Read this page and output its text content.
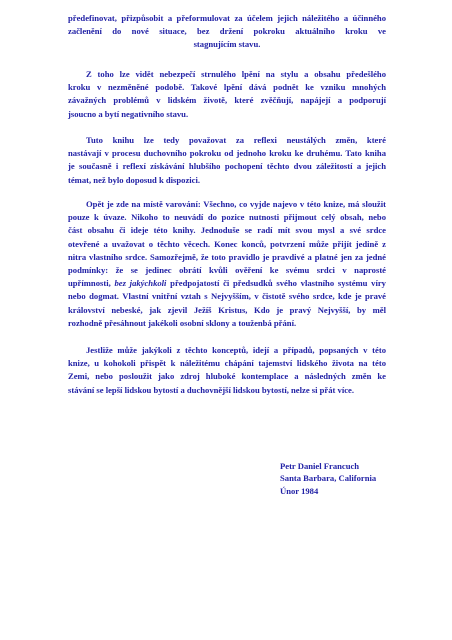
předefinovat, přizpůsobit a přeformulovat za účelem jejich náležitého a účinného
začlenění do nové situace, bez držení pokroku aktuálního kroku ve
stagnujícím stavu.
Z toho lze vidět nebezpečí strnulého lpění na stylu a obsahu předešlého
kroku v nezměněné podobě. Takové lpění dává podnět ke vzniku mnohých
závažných problémů v lidském životě, které zvěčňují, napájejí a podporují
jsoucno a bytí negativního stavu.
Tuto knihu lze tedy považovat za reflexi neustálých změn, které
nastávají v procesu duchovního pokroku od jednoho kroku ke druhému. Tato kniha
je současně i reflexí získávání hlubšího pochopení těchto dvou záležitostí a jejich
témat, než bylo doposud k dispozici.
Opět je zde na místě varování: Všechno, co vyjde najevo v této knize, má sloužit
pouze k úvaze. Nikoho to neuvádí do pozice nutnosti přijmout celý obsah, nebo
část obsahu či ideje této knihy. Jednoduše se radí mít svou mysl a své srdce
otevřené a uvažovat o těchto věcech. Konec konců, potvrzení může přijít jedině z
nitra vlastního srdce. Samozřejmě, že toto pravidlo je pravdivé a platné jen za jedné
podmínky: že se jedinec obrátí kvůli ověření ke svému srdci v naprosté
upřímnosti, bez jakýchkoli předpojatostí či předsudků svého vlastního systému víry
nebo dogmat. Vlastní vnitřní vztah s Nejvyšším, v čistotě svého srdce, kde je pravé
království nebeské, jak zjevil Ježíš Kristus, Kdo je pravý Nejvyšší, by měl
rozhodně přesáhnout jakékoli osobní sklony a touženbá přání.
Jestliže může jakýkoli z těchto konceptů, idejí a případů, popsaných v této
knize, u kohokoli přispět k náležitému chápání tajemství lidského života na této
Zemi, nebo posloužit jako zdroj hluboké kontemplace a následných změn ke
stávání se lepší lidskou bytostí a duchovnější lidskou bytostí, nelze si přát více.
Petr Daniel Francuch
Santa Barbara, California
Únor 1984
